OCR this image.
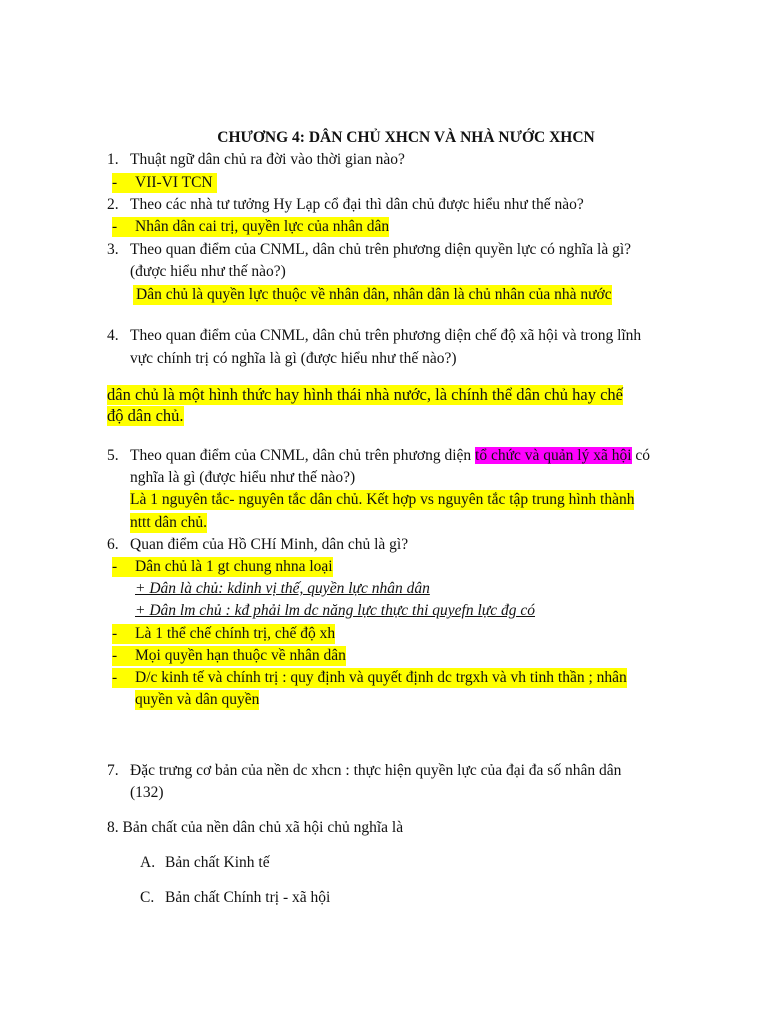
CHƯƠNG 4: DÂN CHỦ XHCN VÀ NHÀ NƯỚC XHCN
1. Thuật ngữ dân chủ ra đời vào thời gian nào?
-	VII-VI TCN
2. Theo các nhà tư tưởng Hy Lạp cổ đại thì dân chủ được hiểu như thế nào?
-	Nhân dân cai trị, quyền lực của nhân dân
3. Theo quan điểm của CNML, dân chủ trên phương diện quyền lực có nghĩa là gì?
(được hiểu như thế nào?)
Dân chủ là quyền lực thuộc về nhân dân, nhân dân là chủ nhân của nhà nước
4. Theo quan điểm của CNML, dân chủ trên phương diện chế độ xã hội và trong lĩnh
vực chính trị có nghĩa là gì (được hiểu như thế nào?)
dân chủ là một hình thức hay hình thái nhà nước, là chính thể dân chủ hay chế
độ dân chủ.
5. Theo quan điểm của CNML, dân chủ trên phương diện tổ chức và quản lý xã hội có
nghĩa là gì (được hiểu như thế nào?)
Là 1 nguyên tắc- nguyên tắc dân chủ. Kết hợp vs nguyên tắc tập trung hình thành
nttt dân chủ.
6. Quan điểm của Hồ CHí Minh, dân chủ là gì?
-	Dân chủ là 1 gt chung nhna loại
+ Dân là chủ: kdinh vị thế, quyền lực nhân dân
+ Dân lm chủ : kđ phải lm dc năng lực thực thi quyefn lực đg có
-	Là 1 thể chế chính trị, chế độ xh
-	Mọi quyền hạn thuộc về nhân dân
-	D/c kinh tế và chính trị : quy định và quyết định dc trgxh và vh tinh thần ; nhân
quyền và dân quyền
7. Đặc trưng cơ bản của nền dc xhcn : thực hiện quyền lực của đại đa số nhân dân
(132)
8. Bản chất của nền dân chủ xã hội chủ nghĩa là
A. Bản chất Kinh tế
C. Bản chất Chính trị - xã hội
